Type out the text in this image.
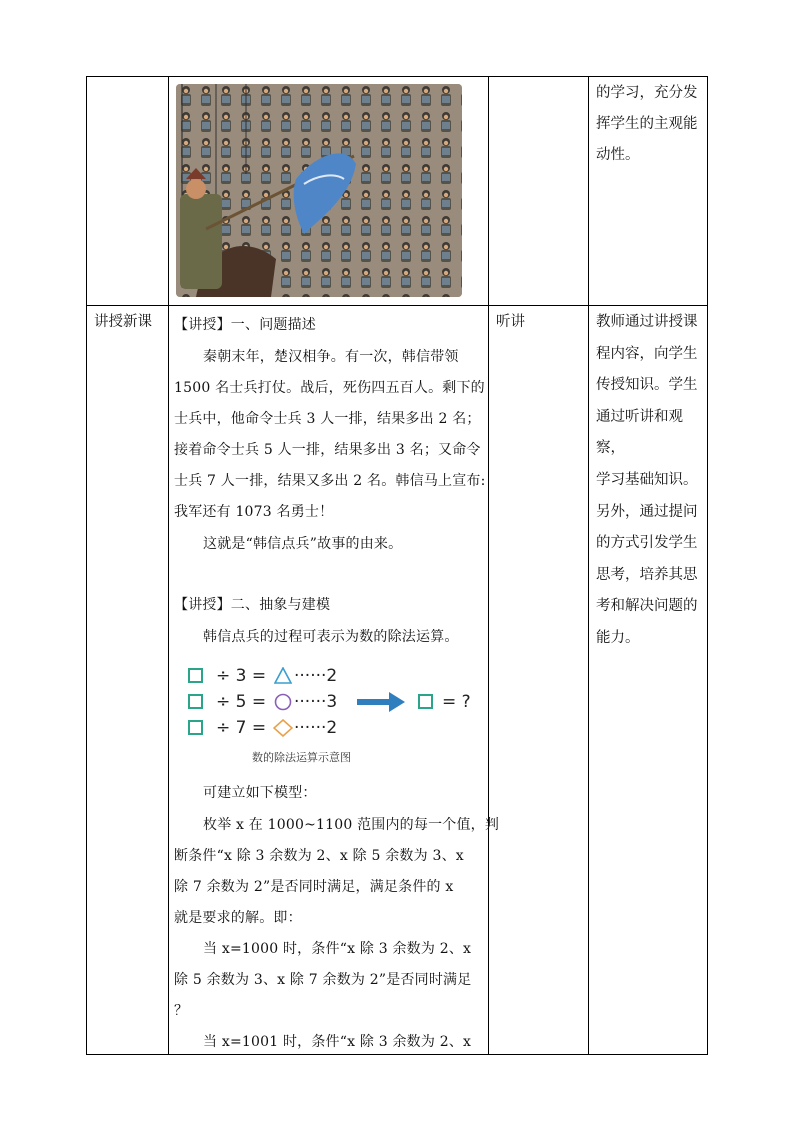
的学习，充分发
挥学生的主观能
动性。
讲授新课	听讲	教师通过讲授课
程内容，向学生
传授知识。学生
通过听讲和观察，
学习基础知识。
另外，通过提问
的方式引发学生
思考，培养其思
考和解决问题的
能力。
【讲授】一、问题描述
秦朝末年，楚汉相争。有一次，韩信带领
1500 名士兵打仗。战后，死伤四五百人。剩下的
士兵中，他命令士兵 3 人一排，结果多出 2 名；
接着命令士兵 5 人一排，结果多出 3 名；又命令
士兵 7 人一排，结果又多出 2 名。韩信马上宣布:
我军还有 1073 名勇士！
这就是“韩信点兵”故事的由来。
【讲授】二、抽象与建模
韩信点兵的过程可表示为数的除法运算。
÷ 3 = ······2
÷ 5 = ······3
÷ 7 = ······2
= ?
数的除法运算示意图
可建立如下模型：
枚举 x 在 1000~1100 范围内的每一个值，判
断条件“x 除 3 余数为 2、x 除 5 余数为 3、x
除 7 余数为 2”是否同时满足，满足条件的 x
就是要求的解。即：
当 x=1000 时，条件“x 除 3 余数为 2、x
除 5 余数为 3、x 除 7 余数为 2”是否同时满足
？
当 x=1001 时，条件“x 除 3 余数为 2、x
